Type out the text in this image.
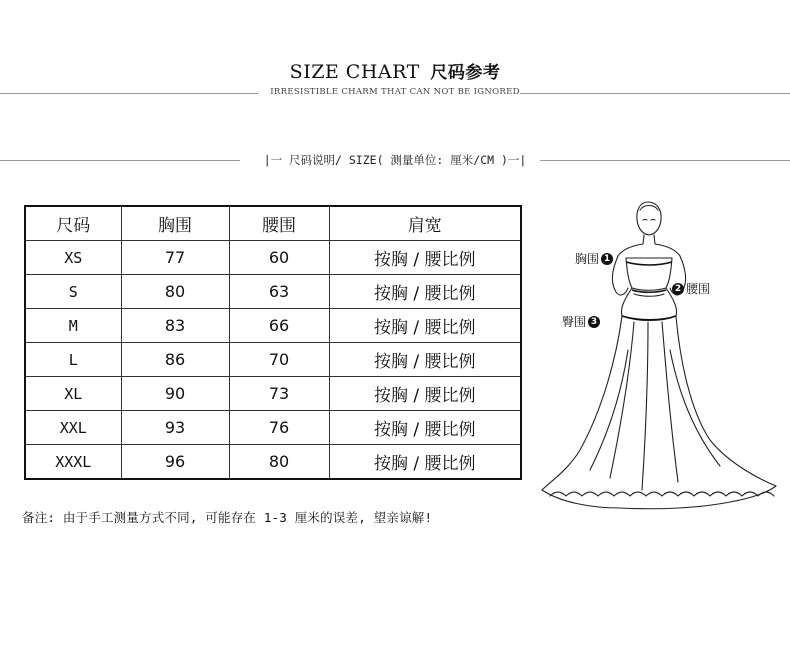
SIZE CHART 尺码参考
IRRESISTIBLE CHARM THAT CAN NOT BE IGNORED
|一 尺码说明/ SIZE( 测量单位: 厘米/CM )一|
尺码	胸围	腰围	肩宽
XS	77	60	按胸 / 腰比例
S	80	63	按胸 / 腰比例
M	83	66	按胸 / 腰比例
L	86	70	按胸 / 腰比例
XL	90	73	按胸 / 腰比例
XXL	93	76	按胸 / 腰比例
XXXL	96	80	按胸 / 腰比例
备注: 由于手工测量方式不同, 可能存在 1-3 厘米的误差, 望亲谅解!
胸围 1
2 腰围
臀围 3
